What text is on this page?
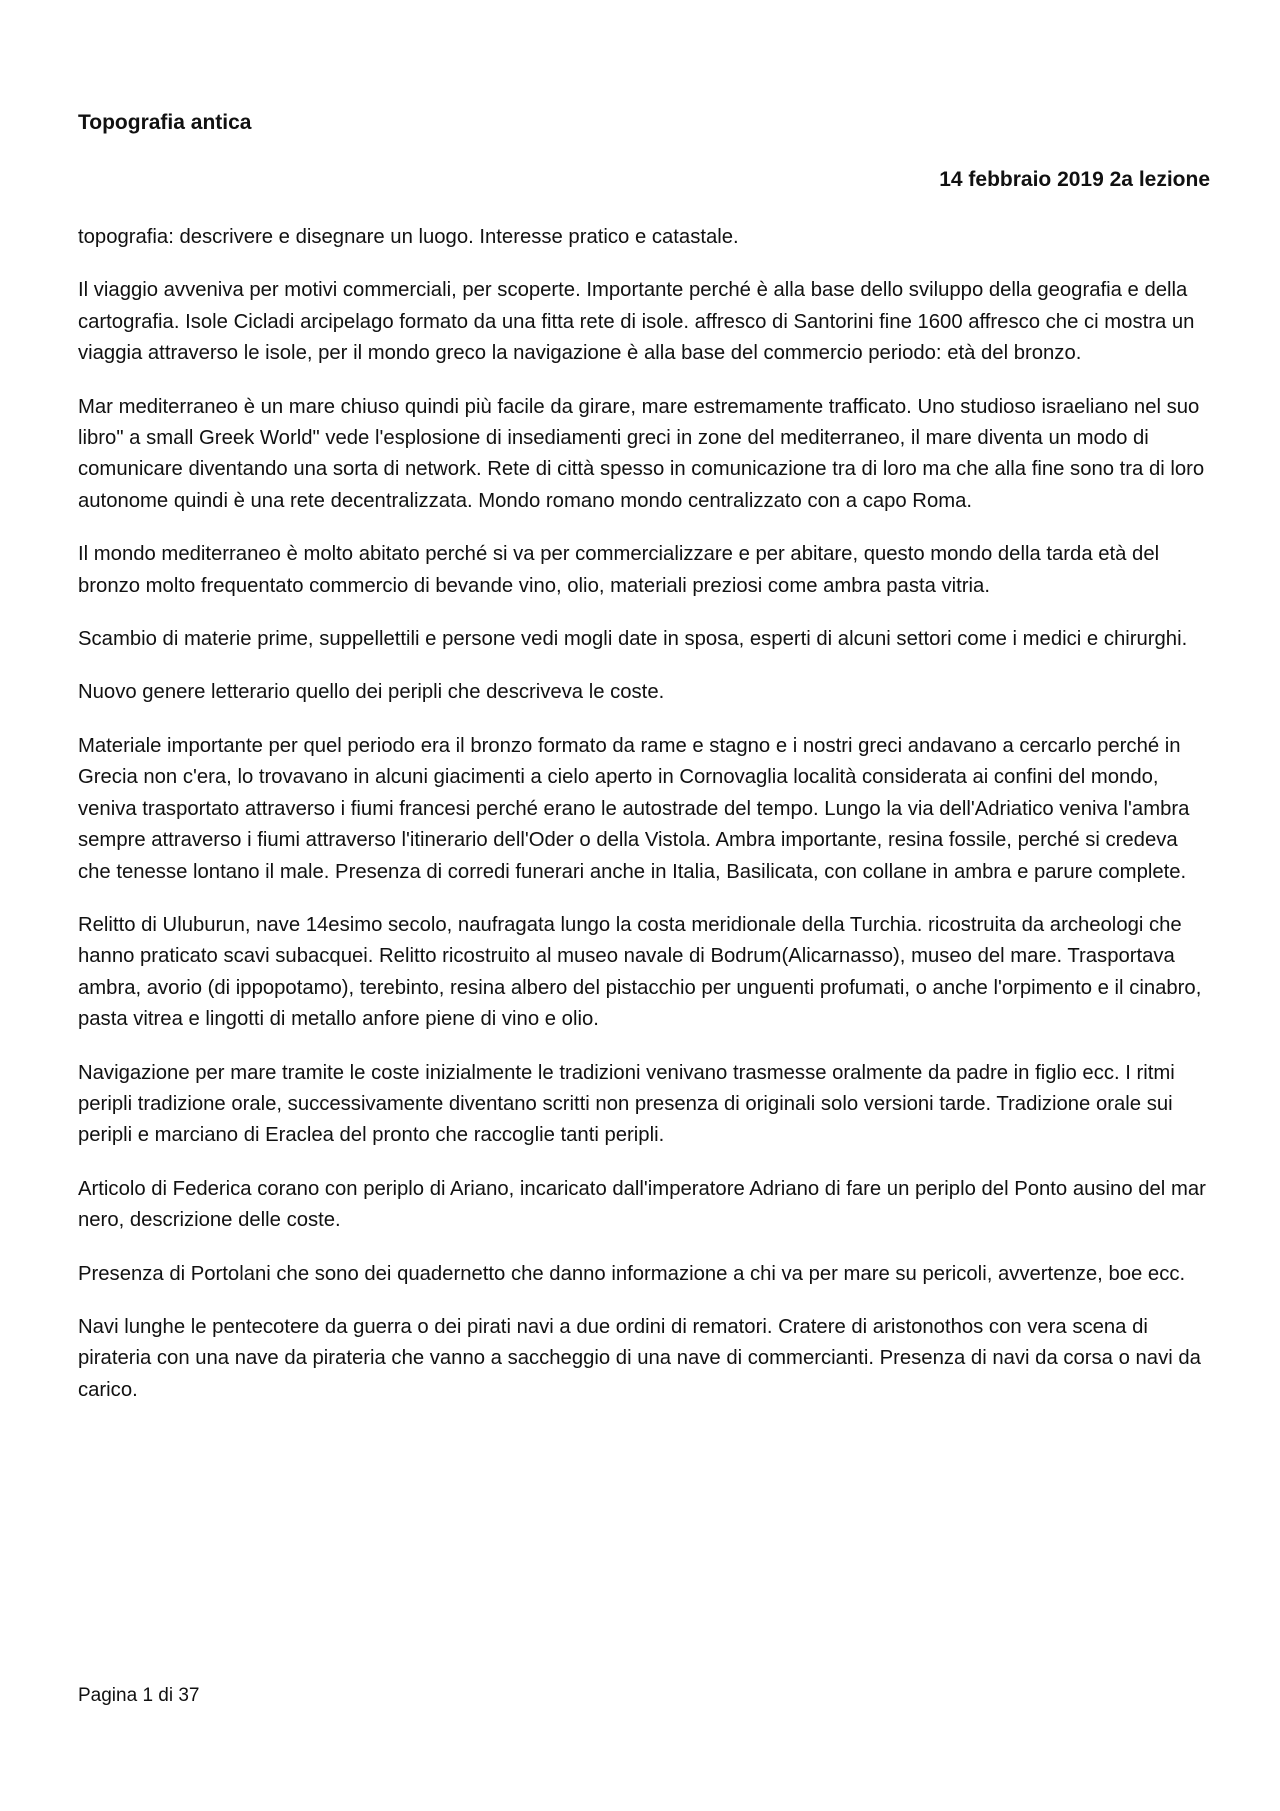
Topografia antica
14 febbraio 2019 2a lezione

topografia: descrivere e disegnare un luogo. Interesse pratico e catastale.

Il viaggio avveniva per motivi commerciali, per scoperte. Importante perché è alla base dello sviluppo della geografia e della cartografia. Isole Cicladi arcipelago formato da una fitta rete di isole. affresco di Santorini fine 1600 affresco che ci mostra un viaggia attraverso le isole, per il mondo greco la navigazione è alla base del commercio periodo: età del bronzo.

Mar mediterraneo è un mare chiuso quindi più facile da girare, mare estremamente trafficato. Uno studioso israeliano nel suo libro" a small Greek World" vede l'esplosione di insediamenti greci in zone del mediterraneo, il mare diventa un modo di comunicare diventando una sorta di network. Rete di città spesso in comunicazione tra di loro ma che alla fine sono tra di loro autonome quindi è una rete decentralizzata. Mondo romano mondo centralizzato con a capo Roma.

Il mondo mediterraneo è molto abitato perché si va per commercializzare e per abitare, questo mondo della tarda età del bronzo molto frequentato commercio di bevande vino, olio, materiali preziosi come ambra pasta vitria.

Scambio di materie prime, suppellettili e persone vedi mogli date in sposa, esperti di alcuni settori come i medici e chirurghi.

Nuovo genere letterario quello dei peripli che descriveva le coste.

Materiale importante per quel periodo era il bronzo formato da rame e stagno e i nostri greci andavano a cercarlo perché in Grecia non c'era, lo trovavano in alcuni giacimenti a cielo aperto in Cornovaglia località considerata ai confini del mondo, veniva trasportato attraverso i fiumi francesi perché erano le autostrade del tempo. Lungo la via dell'Adriatico veniva l'ambra sempre attraverso i fiumi attraverso l'itinerario dell'Oder o della Vistola. Ambra importante, resina fossile, perché si credeva che tenesse lontano il male. Presenza di corredi funerari anche in Italia, Basilicata, con collane in ambra e parure complete.

Relitto di Uluburun, nave 14esimo secolo, naufragata lungo la costa meridionale della Turchia. ricostruita da archeologi che hanno praticato scavi subacquei. Relitto ricostruito al museo navale di Bodrum(Alicarnasso), museo del mare. Trasportava ambra, avorio (di ippopotamo), terebinto, resina albero del pistacchio per unguenti profumati, o anche l'orpimento e il cinabro, pasta vitrea e lingotti di metallo anfore piene di vino e olio.

Navigazione per mare tramite le coste inizialmente le tradizioni venivano trasmesse oralmente da padre in figlio ecc. I ritmi peripli tradizione orale, successivamente diventano scritti non presenza di originali solo versioni tarde. Tradizione orale sui peripli e marciano di Eraclea del pronto che raccoglie tanti peripli.

Articolo di Federica corano con periplo di Ariano, incaricato dall'imperatore Adriano di fare un periplo del Ponto ausino del mar nero, descrizione delle coste.

Presenza di Portolani che sono dei quadernetto che danno informazione a chi va per mare su pericoli, avvertenze, boe ecc.

Navi lunghe le pentecotere da guerra o dei pirati navi a due ordini di rematori. Cratere di aristonothos con vera scena di pirateria con una nave da pirateria che vanno a saccheggio di una nave di commercianti. Presenza di navi da corsa o navi da carico.

Pagina 1 di 37
